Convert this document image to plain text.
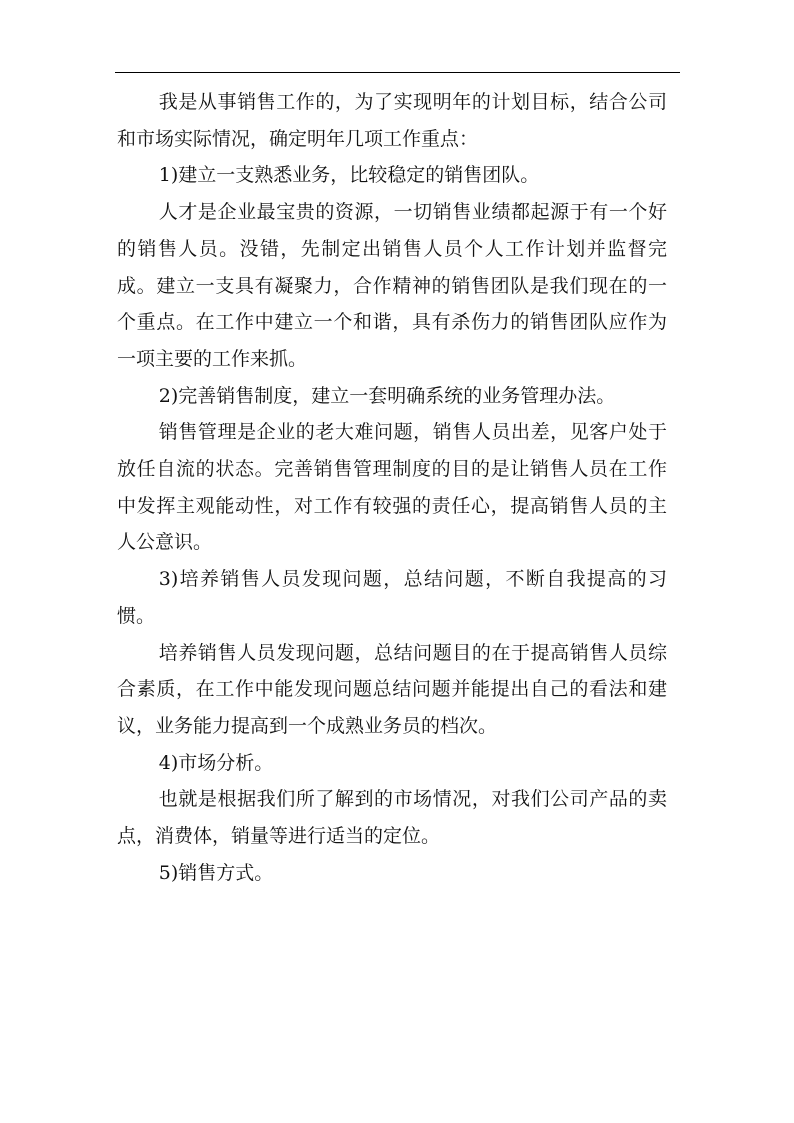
我是从事销售工作的，为了实现明年的计划目标，结合公司和市场实际情况，确定明年几项工作重点：

1)建立一支熟悉业务，比较稳定的销售团队。

人才是企业最宝贵的资源，一切销售业绩都起源于有一个好的销售人员。没错，先制定出销售人员个人工作计划并监督完成。建立一支具有凝聚力，合作精神的销售团队是我们现在的一个重点。在工作中建立一个和谐，具有杀伤力的销售团队应作为一项主要的工作来抓。

2)完善销售制度，建立一套明确系统的业务管理办法。

销售管理是企业的老大难问题，销售人员出差，见客户处于放任自流的状态。完善销售管理制度的目的是让销售人员在工作中发挥主观能动性，对工作有较强的责任心，提高销售人员的主人公意识。

3)培养销售人员发现问题，总结问题，不断自我提高的习惯。

培养销售人员发现问题，总结问题目的在于提高销售人员综合素质，在工作中能发现问题总结问题并能提出自己的看法和建议，业务能力提高到一个成熟业务员的档次。

4)市场分析。

也就是根据我们所了解到的市场情况，对我们公司产品的卖点，消费体，销量等进行适当的定位。

5)销售方式。
